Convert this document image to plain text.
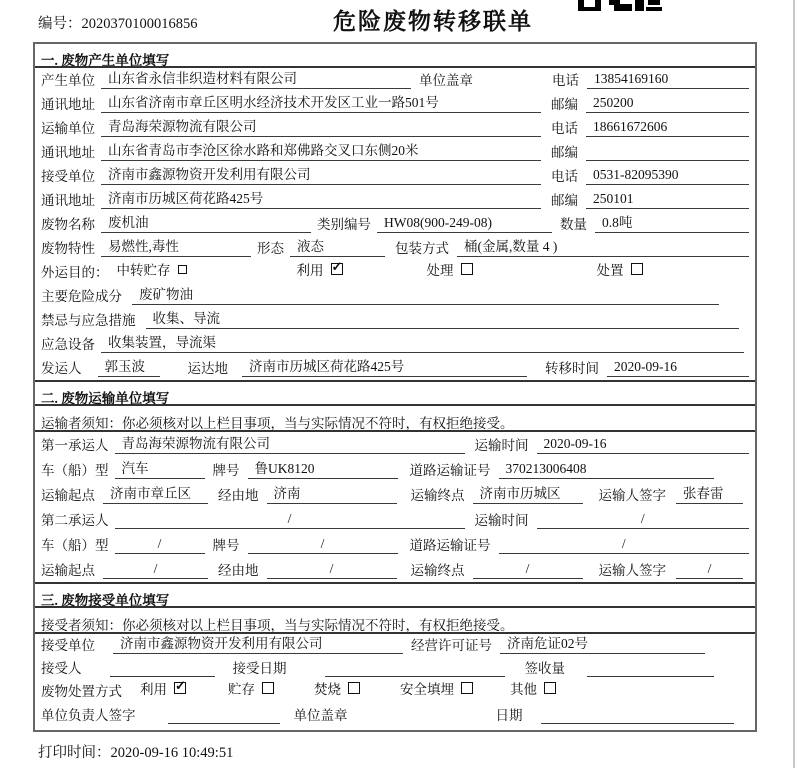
编号：2020370100016856	危险废物转移联单
一. 废物产生单位填写
产生单位 山东省永信非织造材料有限公司	单位盖章	电话	13854169160
通讯地址 山东省济南市章丘区明水经济技术开发区工业一路501号	邮编	250200
运输单位 青岛海荣源物流有限公司	电话	18661672606
通讯地址 山东省青岛市李沧区徐水路和郑佛路交叉口东侧20米	邮编
接受单位 济南市鑫源物资开发利用有限公司	电话	0531-82095390
通讯地址 济南市历城区荷花路425号	邮编	250101
废物名称 废机油	类别编号 HW08(900-249-08)	数量	0.8吨
废物特性 易燃性,毒性	形态 液态	包装方式	桶(金属,数量 4 )
外运目的： 中转贮存	利用 ✓	处理	处置
主要危险成分	废矿物油
禁忌与应急措施	收集、导流
应急设备 收集装置，导流渠
发运人	郭玉波	运达地	济南市历城区荷花路425号	转移时间	2020-09-16
二. 废物运输单位填写
运输者须知：你必须核对以上栏目事项，当与实际情况不符时，有权拒绝接受。
第一承运人 青岛海荣源物流有限公司	运输时间	2020-09-16
车（船）型 汽车	牌号	鲁UK8120	道路运输证号	370213006408
运输起点	济南市章丘区	经由地	济南	运输终点	济南市历城区	运输人签字	张春雷
第二承运人	/	运输时间	/
车（船）型	/	牌号	/	道路运输证号	/
运输起点	/	经由地	/	运输终点	/	运输人签字	/
三. 废物接受单位填写
接受者须知：你必须核对以上栏目事项，当与实际情况不符时，有权拒绝接受。
接受单位	济南市鑫源物资开发利用有限公司	经营许可证号	济南危证02号
接受人	接受日期	签收量
废物处置方式 利用 ✓	贮存	焚烧	安全填埋	其他
单位负责人签字	单位盖章	日期
打印时间：2020-09-16 10:49:51
